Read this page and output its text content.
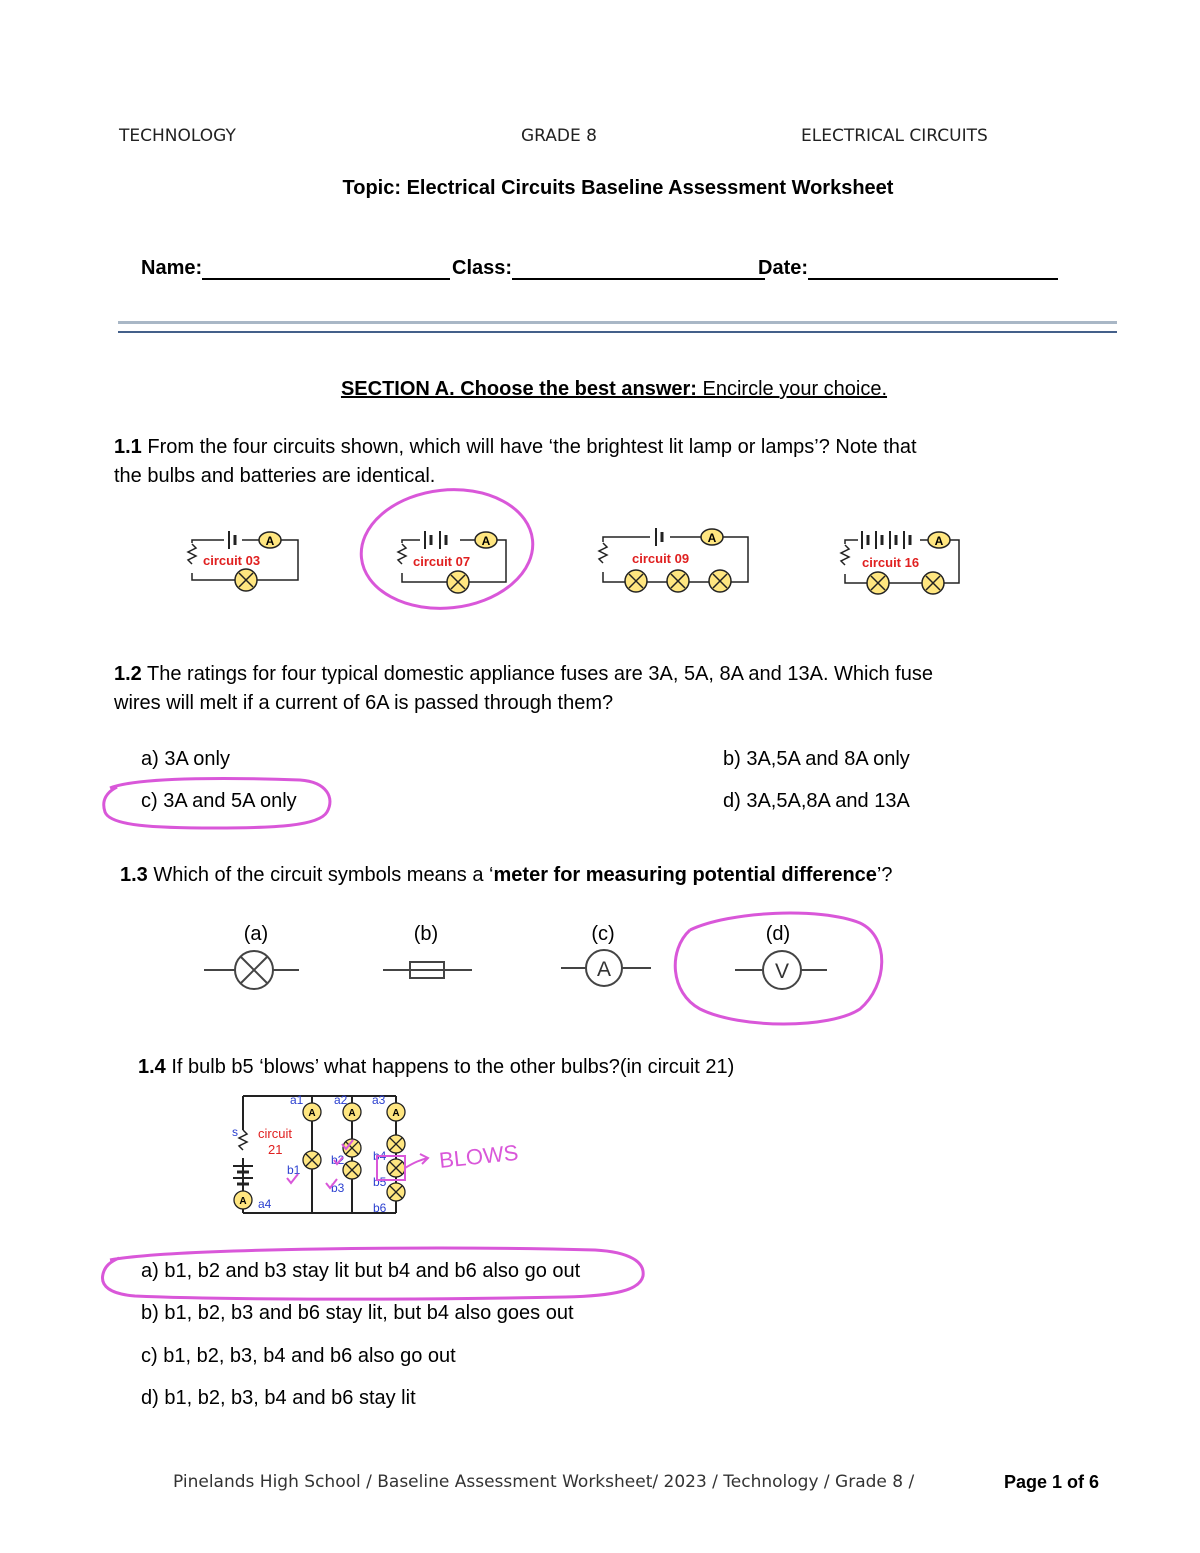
TECHNOLOGY	GRADE 8	ELECTRICAL CIRCUITS
Topic: Electrical Circuits Baseline Assessment Worksheet
Name:	Class:	Date:
SECTION A. Choose the best answer: Encircle your choice.
1.1 From the four circuits shown, which will have ‘the brightest lit lamp or lamps’? Note that
the bulbs and batteries are identical.
A
circuit 03
A
circuit 07
A
circuit 09
A
circuit 16
1.2 The ratings for four typical domestic appliance fuses are 3A, 5A, 8A and 13A. Which fuse
wires will melt if a current of 6A is passed through them?
a) 3A only	b) 3A,5A and 8A only
c) 3A and 5A only	d) 3A,5A,8A and 13A
1.3 Which of the circuit symbols means a ‘meter for measuring potential difference’?
(a)	(b)	(c)	(d)
A	V
1.4 If bulb b5 ‘blows’ what happens to the other bulbs?(in circuit 21)
A
A	A	A
s
a1	a2 a3
a4
b1
b2
b3
b4
b5
b6
circuit
21	BLOWS
a) b1, b2 and b3 stay lit but b4 and b6 also go out
b) b1, b2, b3 and b6 stay lit, but b4 also goes out
c) b1, b2, b3, b4 and b6 also go out
d) b1, b2, b3, b4 and b6 stay lit
Pinelands High School / Baseline Assessment Worksheet/ 2023 / Technology / Grade 8 /	Page 1 of 6
